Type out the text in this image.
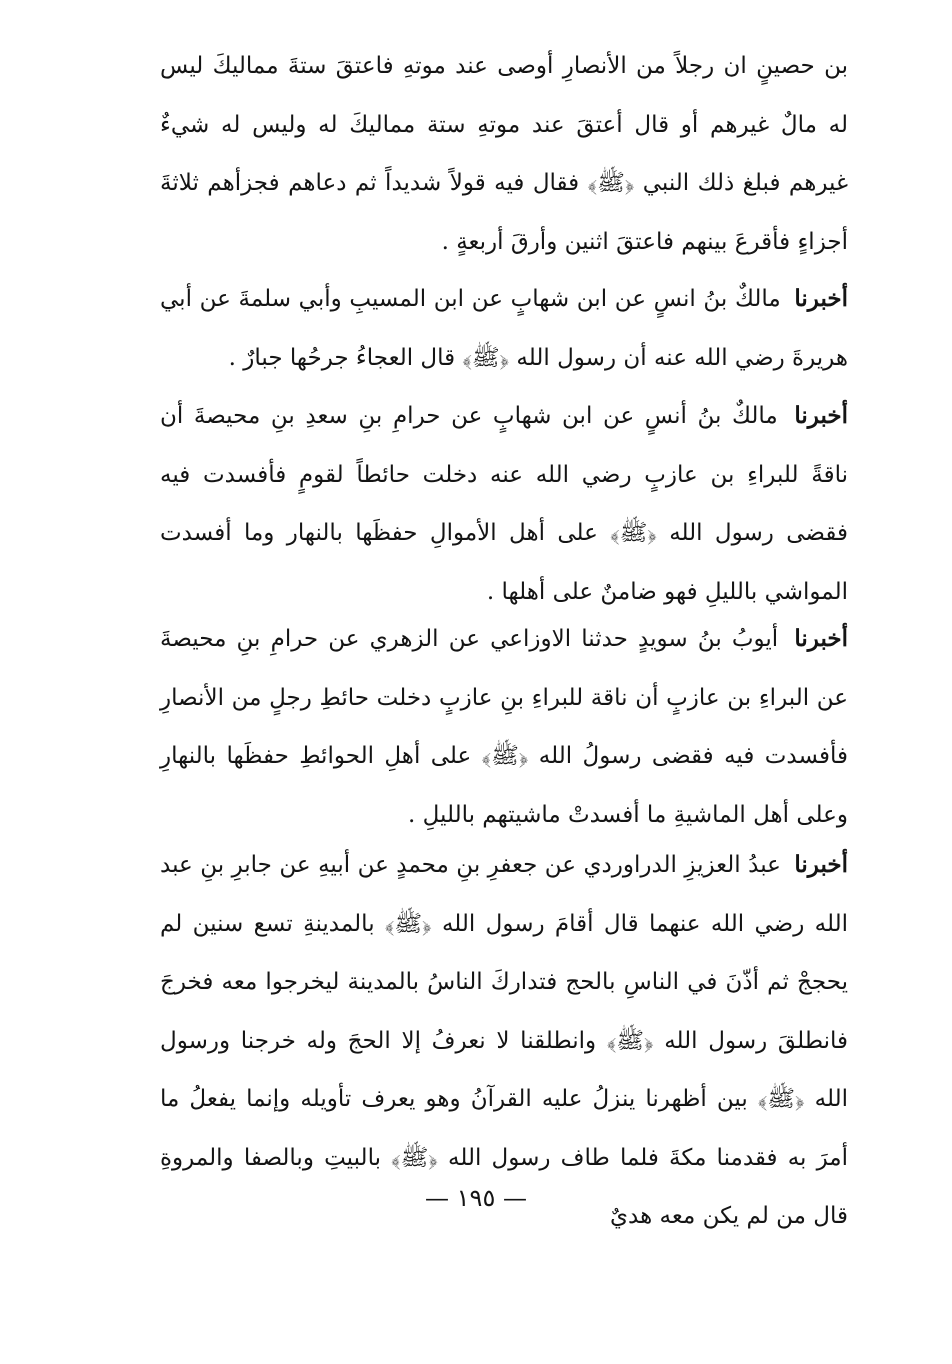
بن حصينٍ ان رجلاً من الأنصارِ أوصى عند موتهِ فاعتقَ ستةَ مماليكَ ليس له مالٌ غيرهم أو قال أعتقَ عند موتهِ ستة مماليكَ له وليس له شيءٌ غيرهم فبلغ ذلك النبي ﴿ﷺ﴾ فقال فيه قولاً شديداً ثم دعاهم فجزأهم ثلاثةَ أجزاءٍ فأقرعَ بينهم فاعتقَ اثنين وأرقَ أربعةٍ .

أخبرنا مالكٌ بنُ انسٍ عن ابن شهابٍ عن ابن المسيبِ وأبي سلمةَ عن أبي هريرةَ رضي الله عنه أن رسول الله ﴿ﷺ﴾ قال العجاءُ جرحُها جبارٌ .

أخبرنا مالكٌ بنُ أنسٍ عن ابن شهابٍ عن حرامِ بنِ سعدِ بنِ محيصةَ أن ناقةً للبراءِ بن عازبٍ رضي الله عنه دخلت حائطاً لقومٍ فأفسدت فيه فقضى رسول الله ﴿ﷺ﴾ على أهل الأموالِ حفظَها بالنهار وما أفسدت المواشي بالليلِ فهو ضامنٌ على أهلها .

أخبرنا أيوبُ بنُ سويدٍ حدثنا الاوزاعي عن الزهري عن حرامِ بنِ محيصةَ عن البراءِ بن عازبٍ أن ناقة للبراءِ بنِ عازبٍ دخلت حائطِ رجلٍ من الأنصارِ فأفسدت فيه فقضى رسولُ الله ﴿ﷺ﴾ على أهلِ الحوائطِ حفظَها بالنهارِ وعلى أهل الماشيةِ ما أفسدتْ ماشيتهم بالليلِ .

أخبرنا عبدُ العزيزِ الدراوردي عن جعفرِ بنِ محمدٍ عن أبيهِ عن جابرِ بنِ عبد الله رضي الله عنهما قال أقامَ رسول الله ﴿ﷺ﴾ بالمدينةِ تسع سنين لم يحججْ ثم أذّنَ في الناسِ بالحج فتداركَ الناسُ بالمدينة ليخرجوا معه فخرجَ فانطلقَ رسول الله ﴿ﷺ﴾ وانطلقنا لا نعرفُ إلا الحجَ وله خرجنا ورسول الله ﴿ﷺ﴾ بين أظهرنا ينزلُ عليه القرآنُ وهو يعرف تأويله وإنما يفعلُ ما أمرَ به فقدمنا مكةَ فلما طاف رسول الله ﴿ﷺ﴾ بالبيتِ وبالصفا والمروةِ قال من لم يكن معه هديٌ

— ١٩٥ —
